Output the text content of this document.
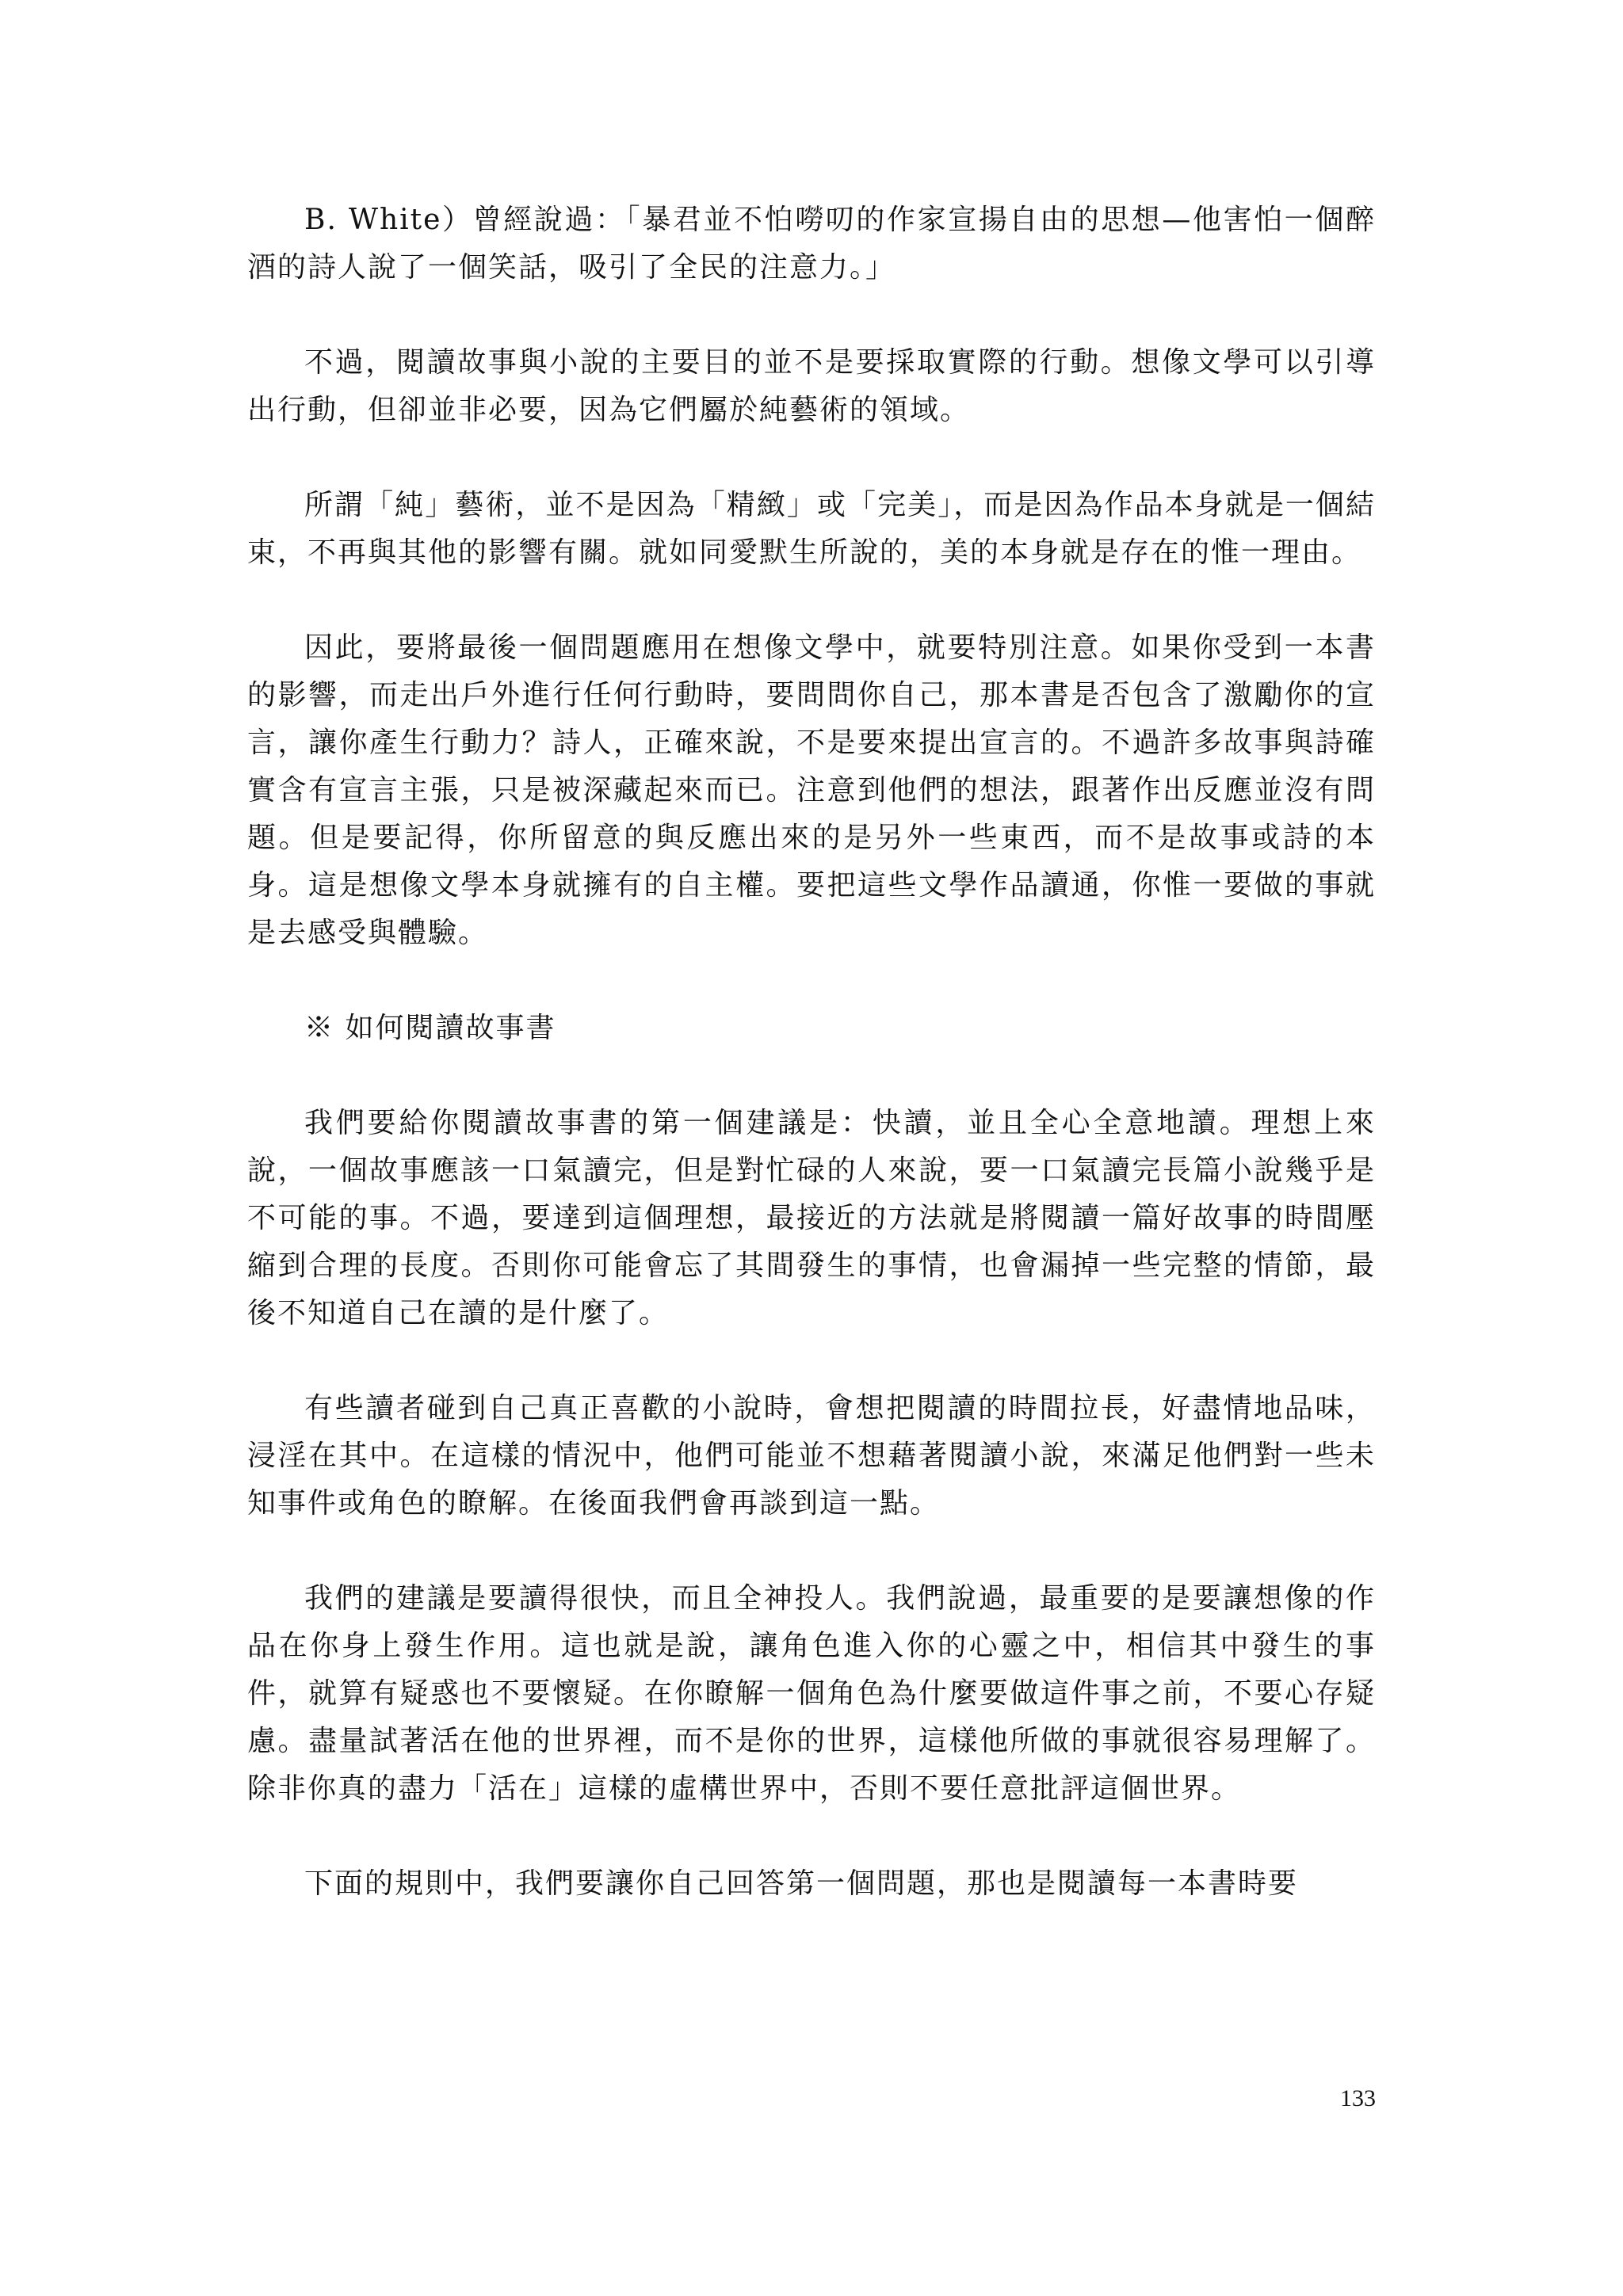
B. White）曾經說過：「暴君並不怕嘮叨的作家宣揚自由的思想—他害怕一個醉酒的詩人說了一個笑話，吸引了全民的注意力。」

不過，閱讀故事與小說的主要目的並不是要採取實際的行動。想像文學可以引導出行動，但卻並非必要，因為它們屬於純藝術的領域。

所謂「純」藝術，並不是因為「精緻」或「完美」，而是因為作品本身就是一個結束，不再與其他的影響有關。就如同愛默生所說的，美的本身就是存在的惟一理由。

因此，要將最後一個問題應用在想像文學中，就要特別注意。如果你受到一本書的影響，而走出戶外進行任何行動時，要問問你自己，那本書是否包含了激勵你的宣言，讓你產生行動力？詩人，正確來說，不是要來提出宣言的。不過許多故事與詩確實含有宣言主張，只是被深藏起來而已。注意到他們的想法，跟著作出反應並沒有問題。但是要記得，你所留意的與反應出來的是另外一些東西，而不是故事或詩的本身。這是想像文學本身就擁有的自主權。要把這些文學作品讀通，你惟一要做的事就是去感受與體驗。

※ 如何閱讀故事書

我們要給你閱讀故事書的第一個建議是：快讀，並且全心全意地讀。理想上來說，一個故事應該一口氣讀完，但是對忙碌的人來說，要一口氣讀完長篇小說幾乎是不可能的事。不過，要達到這個理想，最接近的方法就是將閱讀一篇好故事的時間壓縮到合理的長度。否則你可能會忘了其間發生的事情，也會漏掉一些完整的情節，最後不知道自己在讀的是什麼了。

有些讀者碰到自己真正喜歡的小說時，會想把閱讀的時間拉長，好盡情地品味，浸淫在其中。在這樣的情況中，他們可能並不想藉著閱讀小說，來滿足他們對一些未知事件或角色的瞭解。在後面我們會再談到這一點。

我們的建議是要讀得很快，而且全神投人。我們說過，最重要的是要讓想像的作品在你身上發生作用。這也就是說，讓角色進入你的心靈之中，相信其中發生的事件，就算有疑惑也不要懷疑。在你瞭解一個角色為什麼要做這件事之前，不要心存疑慮。盡量試著活在他的世界裡，而不是你的世界，這樣他所做的事就很容易理解了。除非你真的盡力「活在」這樣的虛構世界中，否則不要任意批評這個世界。

下面的規則中，我們要讓你自己回答第一個問題，那也是閱讀每一本書時要

133
